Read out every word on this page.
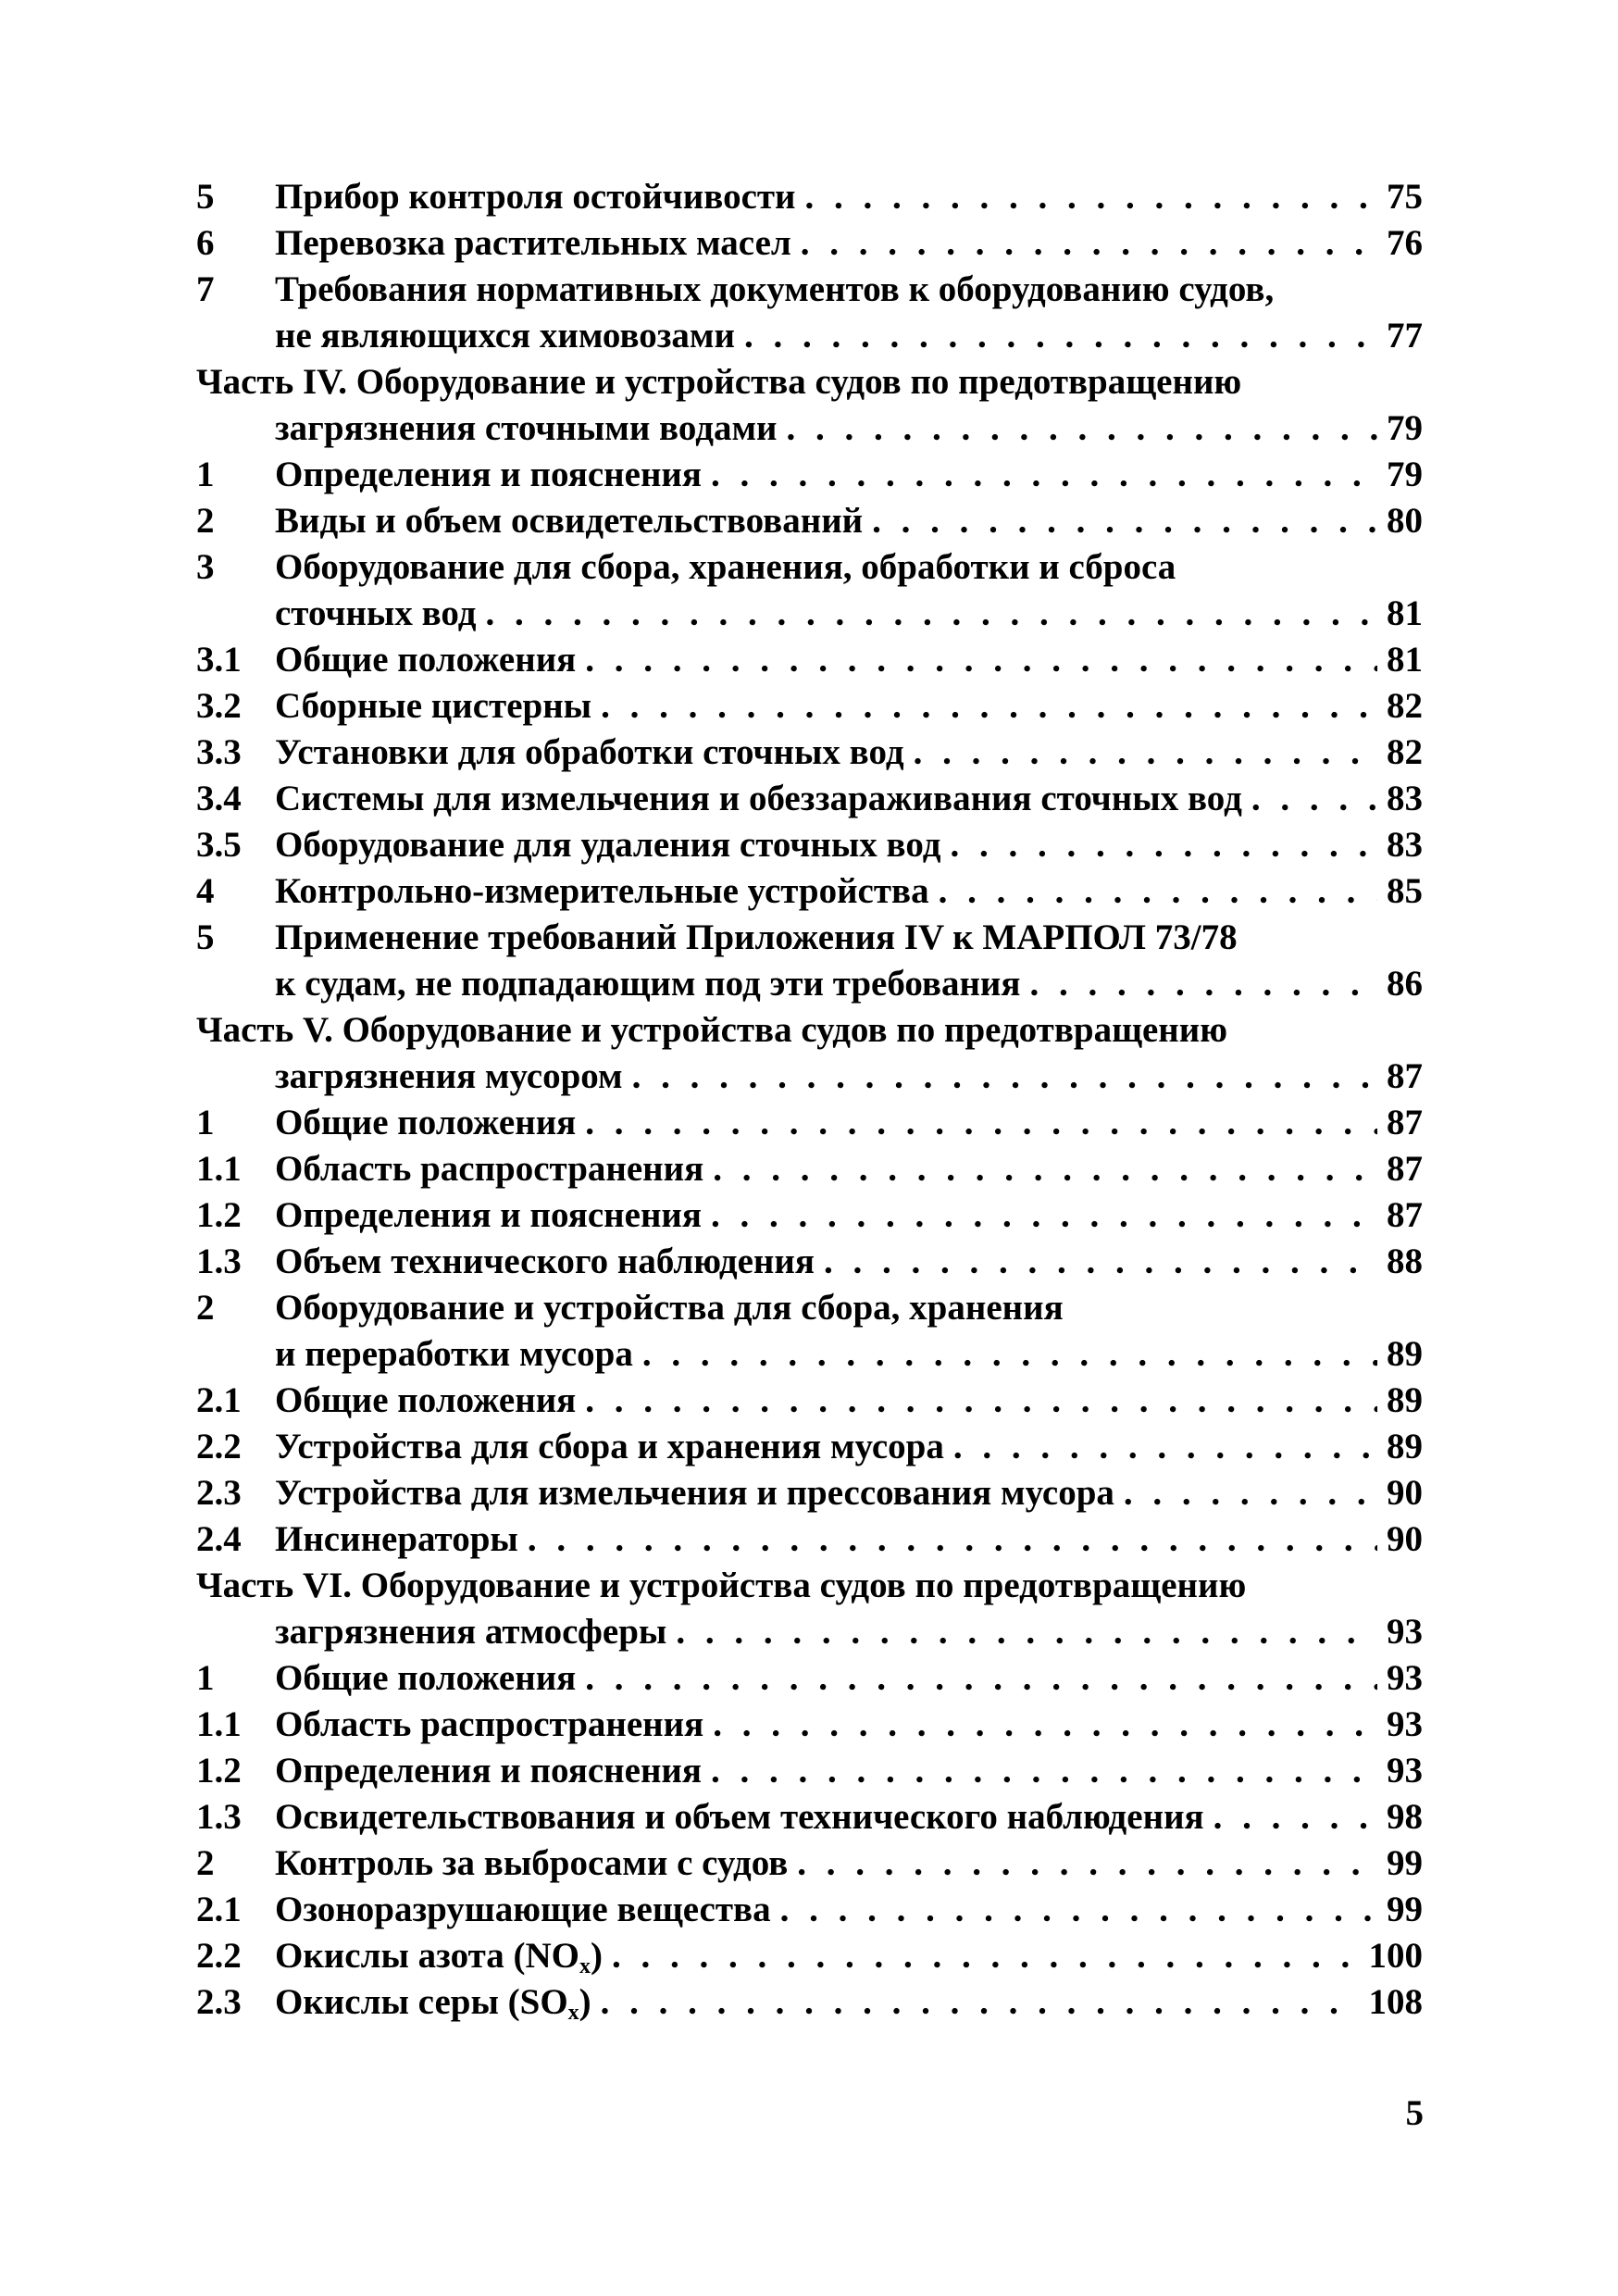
5	Прибор контроля остойчивости . . .	75
6	Перевозка растительных масел . . .	76
7	Требования нормативных документов к оборудованию судов,
не являющихся химовозами . . .	77
Часть IV. Оборудование и устройства судов по предотвращению
загрязнения сточными водами . . .	79
1	Определения и пояснения . . .	79
2	Виды и объем освидетельствований . . .	80
3	Оборудование для сбора, хранения, обработки и сброса
сточных вод . . .	81
3.1 Общие положения . . .	81
3.2 Сборные цистерны . . .	82
3.3 Установки для обработки сточных вод . . .	82
3.4 Системы для измельчения и обеззараживания сточных вод . . .	83
3.5 Оборудование для удаления сточных вод . . .	83
4	Контрольно-измерительные устройства . . .	85
5	Применение требований Приложения IV к МАРПОЛ 73/78
к судам, не подпадающим под эти требования . . .	86
Часть V. Оборудование и устройства судов по предотвращению
загрязнения мусором . . .	87
1	Общие положения . . .	87
1.1 Область распространения . . .	87
1.2 Определения и пояснения . . .	87
1.3 Объем технического наблюдения . . .	88
2	Оборудование и устройства для сбора, хранения
и переработки мусора . . .	89
2.1 Общие положения . . .	89
2.2 Устройства для сбора и хранения мусора . . .	89
2.3 Устройства для измельчения и прессования мусора . . .	90
2.4 Инсинераторы . . .	90
Часть VI. Оборудование и устройства судов по предотвращению
загрязнения атмосферы . . .	93
1	Общие положения . . .	93
1.1 Область распространения . . .	93
1.2 Определения и пояснения . . .	93
1.3 Освидетельствования и объем технического наблюдения . . .	98
2	Контроль за выбросами с судов . . .	99
2.1 Озоноразрушающие вещества . . .	99
2.2 Окислы азота $(NO_x)$ . . .	100
2.3 Окислы серы $(SO_x)$ . . .	108
5
